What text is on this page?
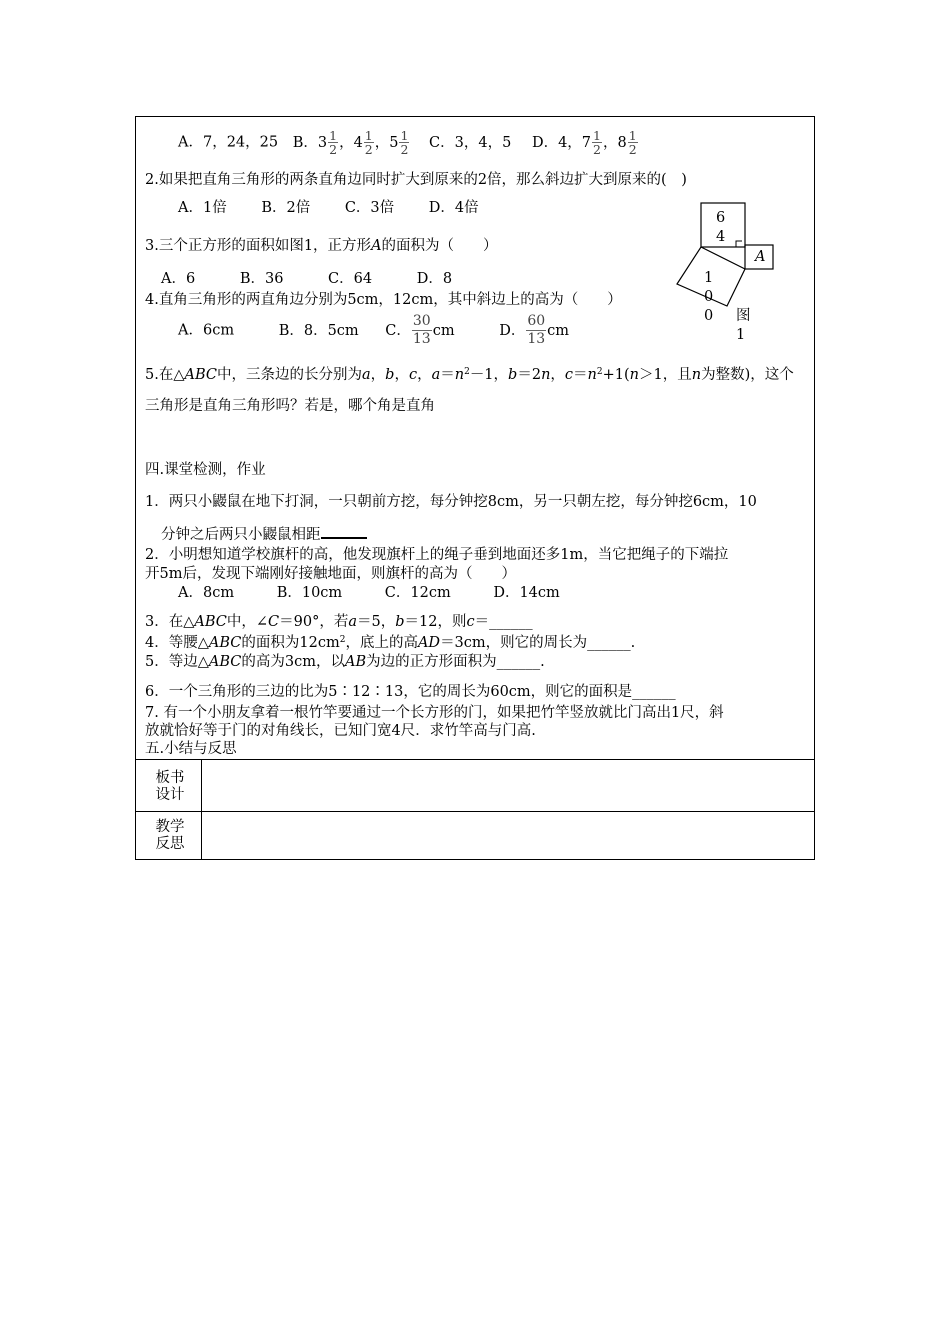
A．7，24，25 B．$3 \frac{1}{2}$ ，$4 \frac{1}{2}$ ，$5 \frac{1}{2}$ C．3，4，5 D．4，$7 \frac{1}{2}$ ，$8 \frac{1}{2}$
2.如果把直角三角形的两条直角边同时扩大到原来的2倍，那么斜边扩大到原来的(　)
A．1倍 B．2倍 C．3倍 D．4倍
3.三个正方形的面积如图1，正方形A的面积为（　　）
A．6	B．36	C．64	D．8
4.直角三角形的两直角边分别为5cm，12cm，其中斜边上的高为（　　）
A．6cm	B．8．5cm C． $\frac{30}{13}$ cm	D． $\frac{60}{13}$ cm
5.在△ABC中，三条边的长分别为a，b，c，$a=n^2-1$，b＝2n，$c=n^2+1(n>1$，且n为整数)，这个
三角形是直角三角形吗？若是，哪个角是直角
四.课堂检测，作业
1．两只小鼹鼠在地下打洞，一只朝前方挖，每分钟挖8cm，另一只朝左挖，每分钟挖6cm，10
分钟之后两只小鼹鼠相距
2．小明想知道学校旗杆的高，他发现旗杆上的绳子垂到地面还多1m，当它把绳子的下端拉
开5m后，发现下端刚好接触地面，则旗杆的高为（　　）
A．8cm	B．10cm	C．12cm	D．14cm
3．在△ABC中，∠C＝90°，若a＝5，b＝12，则c＝______
4．等腰△ABC的面积为$12cm^2$，底上的高AD＝3cm，则它的周长为______.
5．等边△ABC的高为3cm，以AB为边的正方形面积为______.
6．一个三角形的三边的比为5∶12∶13，它的周长为60cm，则它的面积是______
7. 有一个小朋友拿着一根竹竿要通过一个长方形的门，如果把竹竿竖放就比门高出1尺，斜
放就恰好等于门的对角线长，已知门宽4尺．求竹竿高与门高.
五.小结与反思
板书
设计
教学
反思
6
4
A
1
0
0 图
1
